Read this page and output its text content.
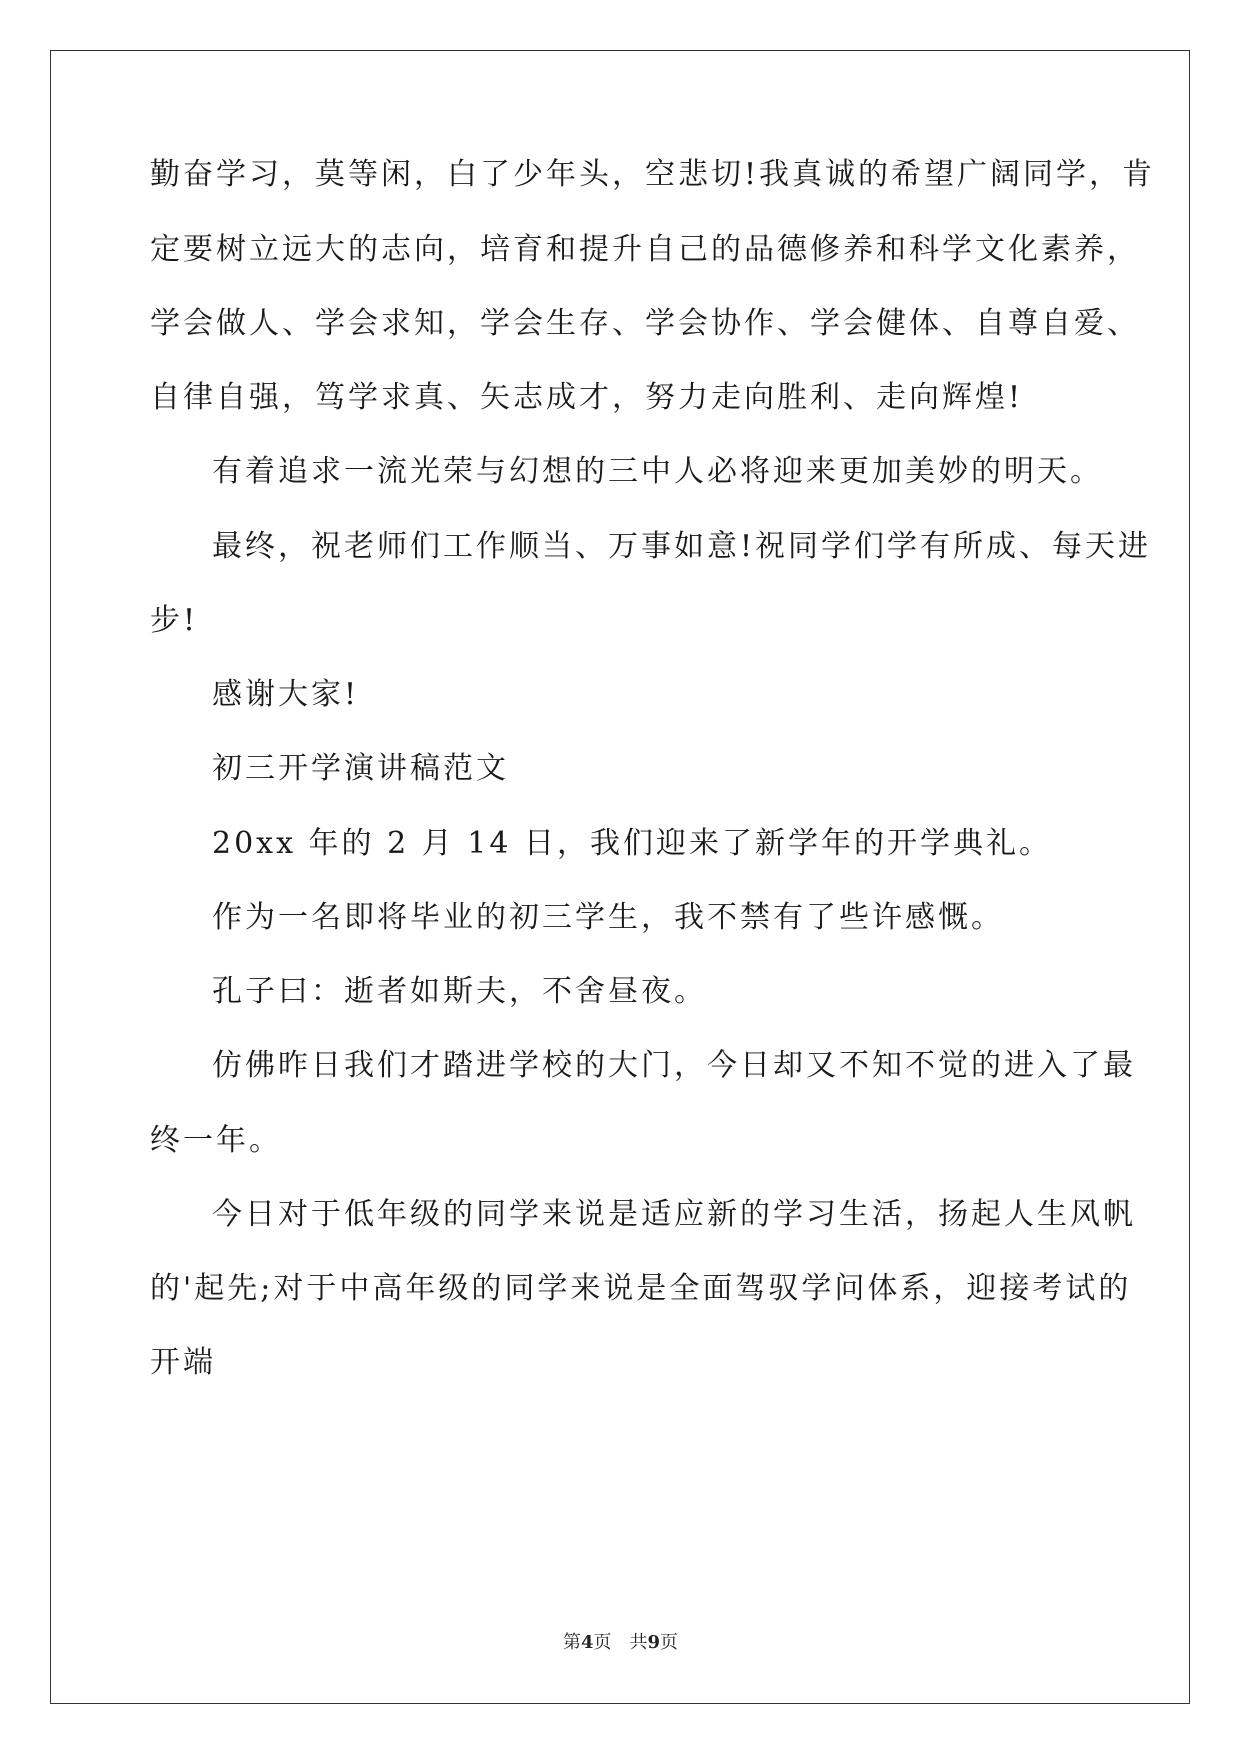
勤奋学习，莫等闲，白了少年头，空悲切!我真诚的希望广阔同学，肯
定要树立远大的志向，培育和提升自己的品德修养和科学文化素养，
学会做人、学会求知，学会生存、学会协作、学会健体、自尊自爱、
自律自强，笃学求真、矢志成才，努力走向胜利、走向辉煌!
有着追求一流光荣与幻想的三中人必将迎来更加美妙的明天。
最终，祝老师们工作顺当、万事如意!祝同学们学有所成、每天进
步!
感谢大家!
初三开学演讲稿范文
20xx 年的 2 月 14 日，我们迎来了新学年的开学典礼。
作为一名即将毕业的初三学生，我不禁有了些许感慨。
孔子曰：逝者如斯夫，不舍昼夜。
仿佛昨日我们才踏进学校的大门，今日却又不知不觉的进入了最
终一年。
今日对于低年级的同学来说是适应新的学习生活，扬起人生风帆
的'起先;对于中高年级的同学来说是全面驾驭学问体系，迎接考试的
开端
第4页 共9页
